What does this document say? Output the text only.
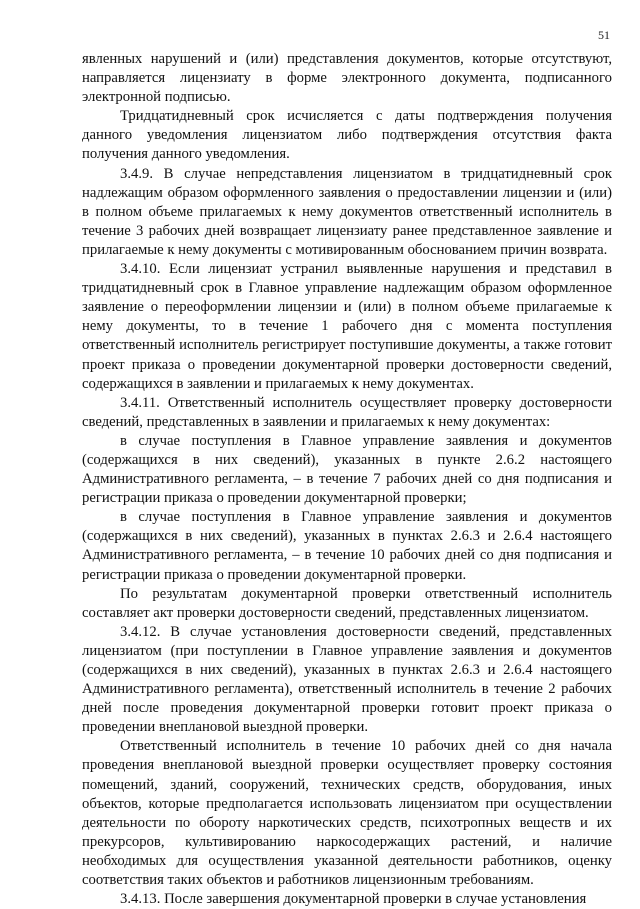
51

явленных нарушений и (или) представления документов, которые отсутствуют, направляется лицензиату в форме электронного документа, подписанного электронной подписью.

Тридцатидневный срок исчисляется с даты подтверждения получения данного уведомления лицензиатом либо подтверждения отсутствия факта получения данного уведомления.

3.4.9. В случае непредставления лицензиатом в тридцатидневный срок надлежащим образом оформленного заявления о предоставлении лицензии и (или) в полном объеме прилагаемых к нему документов ответственный исполнитель в течение 3 рабочих дней возвращает лицензиату ранее представленное заявление и прилагаемые к нему документы с мотивированным обоснованием причин возврата.

3.4.10. Если лицензиат устранил выявленные нарушения и представил в тридцатидневный срок в Главное управление надлежащим образом оформленное заявление о переоформлении лицензии и (или) в полном объеме прилагаемые к нему документы, то в течение 1 рабочего дня с момента поступления ответственный исполнитель регистрирует поступившие документы, а также готовит проект приказа о проведении документарной проверки достоверности сведений, содержащихся в заявлении и прилагаемых к нему документах.

3.4.11. Ответственный исполнитель осуществляет проверку достоверности сведений, представленных в заявлении и прилагаемых к нему документах:

в случае поступления в Главное управление заявления и документов (содержащихся в них сведений), указанных в пункте 2.6.2 настоящего Административного регламента, – в течение 7 рабочих дней со дня подписания и регистрации приказа о проведении документарной проверки;

в случае поступления в Главное управление заявления и документов (содержащихся в них сведений), указанных в пунктах 2.6.3 и 2.6.4 настоящего Административного регламента, – в течение 10 рабочих дней со дня подписания и регистрации приказа о проведении документарной проверки.

По результатам документарной проверки ответственный исполнитель составляет акт проверки достоверности сведений, представленных лицензиатом.

3.4.12. В случае установления достоверности сведений, представленных лицензиатом (при поступлении в Главное управление заявления и документов (содержащихся в них сведений), указанных в пунктах 2.6.3 и 2.6.4 настоящего Административного регламента), ответственный исполнитель в течение 2 рабочих дней после проведения документарной проверки готовит проект приказа о проведении внеплановой выездной проверки.

Ответственный исполнитель в течение 10 рабочих дней со дня начала проведения внеплановой выездной проверки осуществляет проверку состояния помещений, зданий, сооружений, технических средств, оборудования, иных объектов, которые предполагается использовать лицензиатом при осуществлении деятельности по обороту наркотических средств, психотропных веществ и их прекурсоров, культивированию наркосодержащих растений, и наличие необходимых для осуществления указанной деятельности работников, оценку соответствия таких объектов и работников лицензионным требованиям.

3.4.13. После завершения документарной проверки в случае установления
